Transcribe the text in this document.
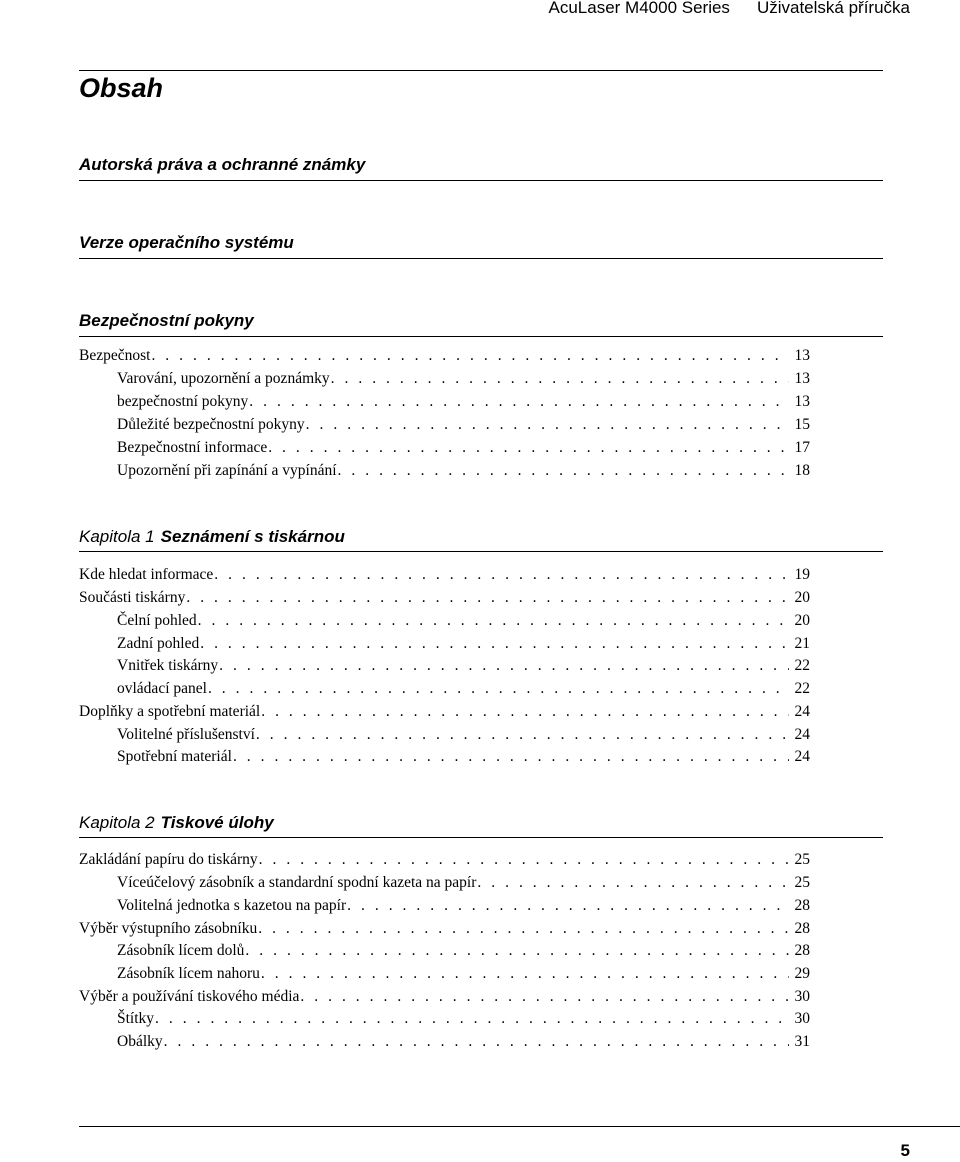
AcuLaser M4000 Series Uživatelská příručka
Obsah
Autorská práva a ochranné známky
Verze operačního systému
Bezpečnostní pokyny
Bezpečnost . . .	13
Varování, upozornění a poznámky . . .	13
bezpečnostní pokyny . . .	13
Důležité bezpečnostní pokyny . . .	15
Bezpečnostní informace . . .	17
Upozornění při zapínání a vypínání . . .	18
Kapitola 1 Seznámení s tiskárnou
Kde hledat informace . . .	19
Součásti tiskárny . . .	20
Čelní pohled . . .	20
Zadní pohled . . .	21
Vnitřek tiskárny . . .	22
ovládací panel . . .	22
Doplňky a spotřební materiál . . .	24
Volitelné příslušenství . . .	24
Spotřební materiál . . .	24
Kapitola 2 Tiskové úlohy
Zakládání papíru do tiskárny . . .	25
Víceúčelový zásobník a standardní spodní kazeta na papír . . .	25
Volitelná jednotka s kazetou na papír . . .	28
Výběr výstupního zásobníku . . .	28
Zásobník lícem dolů . . .	28
Zásobník lícem nahoru . . .	29
Výběr a používání tiskového média . . .	30
Štítky . . .	30
Obálky . . .	31
5
